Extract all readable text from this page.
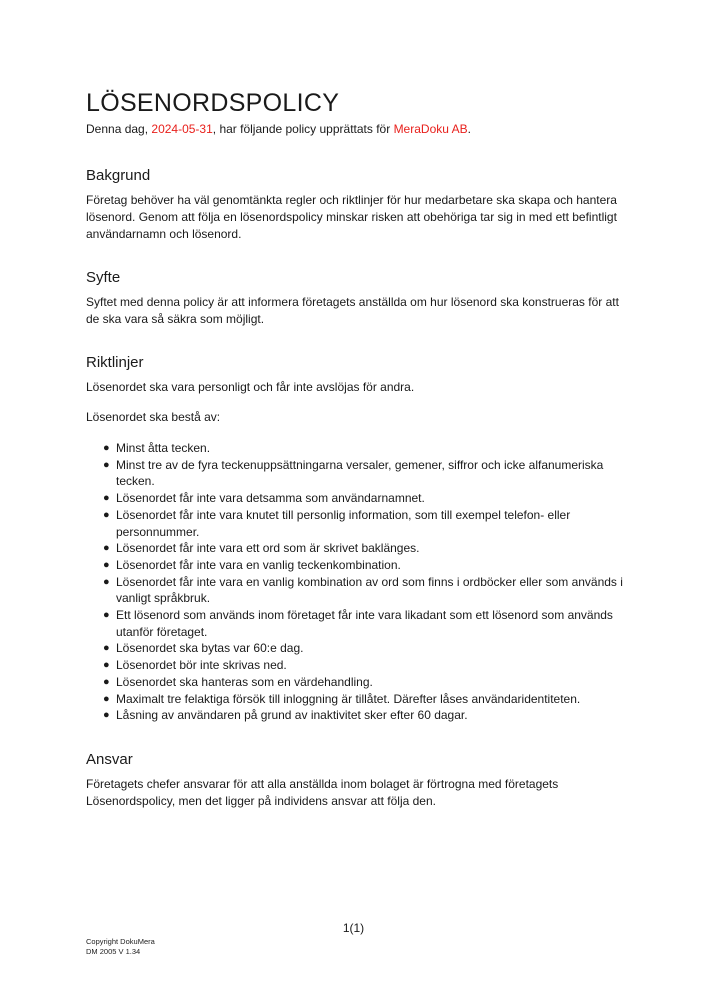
LÖSENORDSPOLICY

Denna dag, 2024-05-31, har följande policy upprättats för MeraDoku AB.

Bakgrund

Företag behöver ha väl genomtänkta regler och riktlinjer för hur medarbetare ska skapa och hantera lösenord. Genom att följa en lösenordspolicy minskar risken att obehöriga tar sig in med ett befintligt användarnamn och lösenord.

Syfte

Syftet med denna policy är att informera företagets anställda om hur lösenord ska konstrueras för att de ska vara så säkra som möjligt.

Riktlinjer

Lösenordet ska vara personligt och får inte avslöjas för andra.

Lösenordet ska bestå av:

● Minst åtta tecken.
● Minst tre av de fyra teckenuppsättningarna versaler, gemener, siffror och icke alfanumeriska tecken.
● Lösenordet får inte vara detsamma som användarnamnet.
● Lösenordet får inte vara knutet till personlig information, som till exempel telefon- eller personnummer.
● Lösenordet får inte vara ett ord som är skrivet baklänges.
● Lösenordet får inte vara en vanlig teckenkombination.
● Lösenordet får inte vara en vanlig kombination av ord som finns i ordböcker eller som används i vanligt språkbruk.
● Ett lösenord som används inom företaget får inte vara likadant som ett lösenord som används utanför företaget.
● Lösenordet ska bytas var 60:e dag.
● Lösenordet bör inte skrivas ned.
● Lösenordet ska hanteras som en värdehandling.
● Maximalt tre felaktiga försök till inloggning är tillåtet. Därefter låses användaridentiteten.
● Låsning av användaren på grund av inaktivitet sker efter 60 dagar.
Ansvar

Företagets chefer ansvarar för att alla anställda inom bolaget är förtrogna med företagets Lösenordspolicy, men det ligger på individens ansvar att följa den.

1(1)
Copyright DokuMera
DM 2005 V 1.34
